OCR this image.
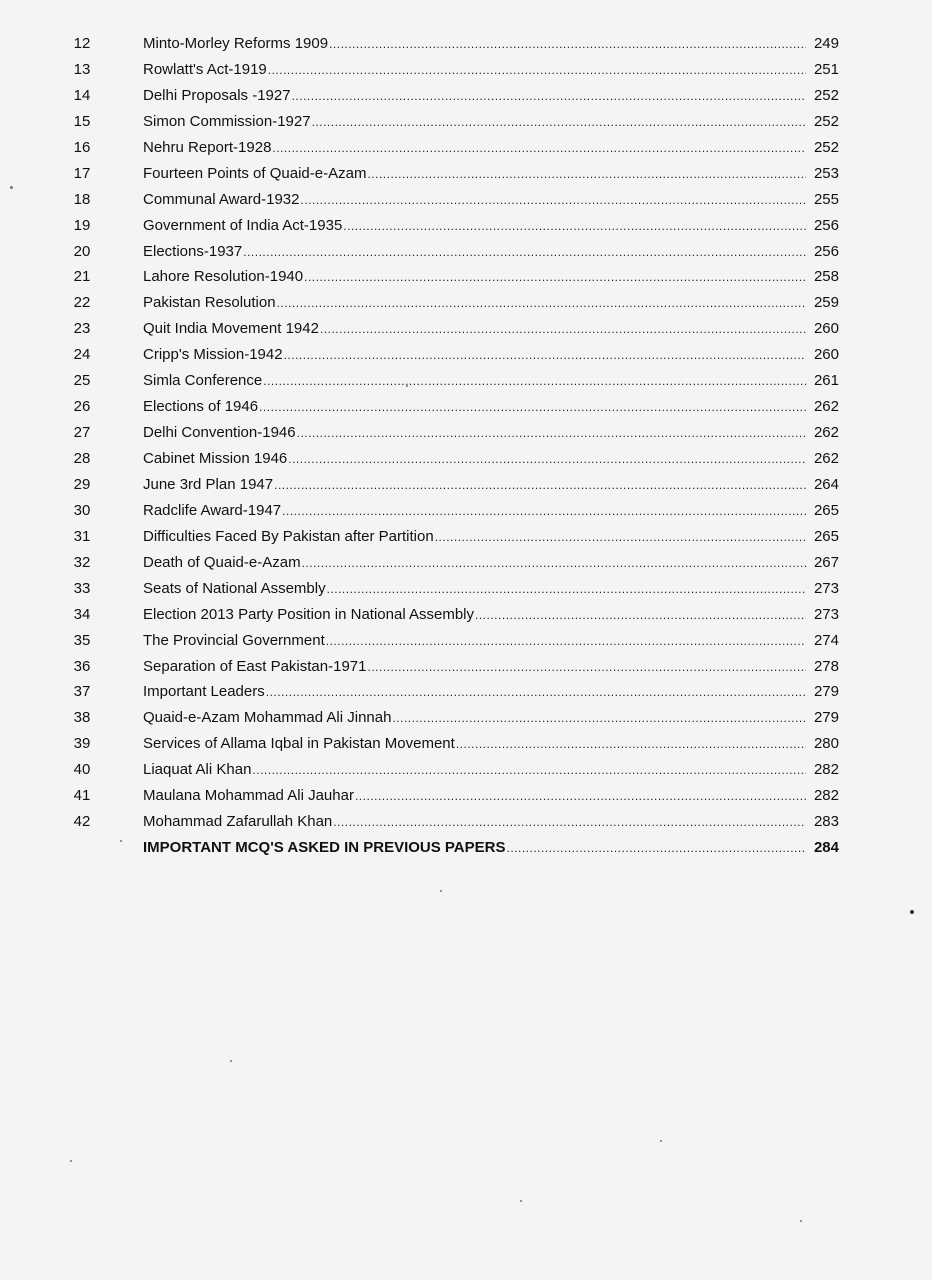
12	Minto-Morley Reforms 1909 .....	249
13	Rowlatt's Act-1919 .....	251
14	Delhi Proposals -1927 .....	252
15	Simon Commission-1927 .....	252
16	Nehru Report-1928 .....	252
17	Fourteen Points of Quaid-e-Azam .....	253
18	Communal Award-1932 .....	255
19	Government of India Act-1935 .....	256
20	Elections-1937 .....	256
21	Lahore Resolution-1940 .....	258
22	Pakistan Resolution .....	259
23	Quit India Movement 1942 .....	260
24	Cripp's Mission-1942 .....	260
25	Simla Conference .....	261
26	Elections of 1946 .....	262
27	Delhi Convention-1946 .....	262
28	Cabinet Mission 1946 .....	262
29	June 3rd Plan 1947 .....	264
30	Radclife Award-1947 .....	265
31	Difficulties Faced By Pakistan after Partition .....	265
32	Death of Quaid-e-Azam .....	267
33	Seats of National Assembly .....	273
34	Election 2013 Party Position in National Assembly .....	273
35	The Provincial Government .....	274
36	Separation of East Pakistan-1971 .....	278
37	Important Leaders .....	279
38	Quaid-e-Azam Mohammad Ali Jinnah .....	279
39	Services of Allama Iqbal in Pakistan Movement .....	280
40	Liaquat Ali Khan .....	282
41	Maulana Mohammad Ali Jauhar .....	282
42	Mohammad Zafarullah Khan .....	283
IMPORTANT MCQ'S ASKED IN PREVIOUS PAPERS .....	284
